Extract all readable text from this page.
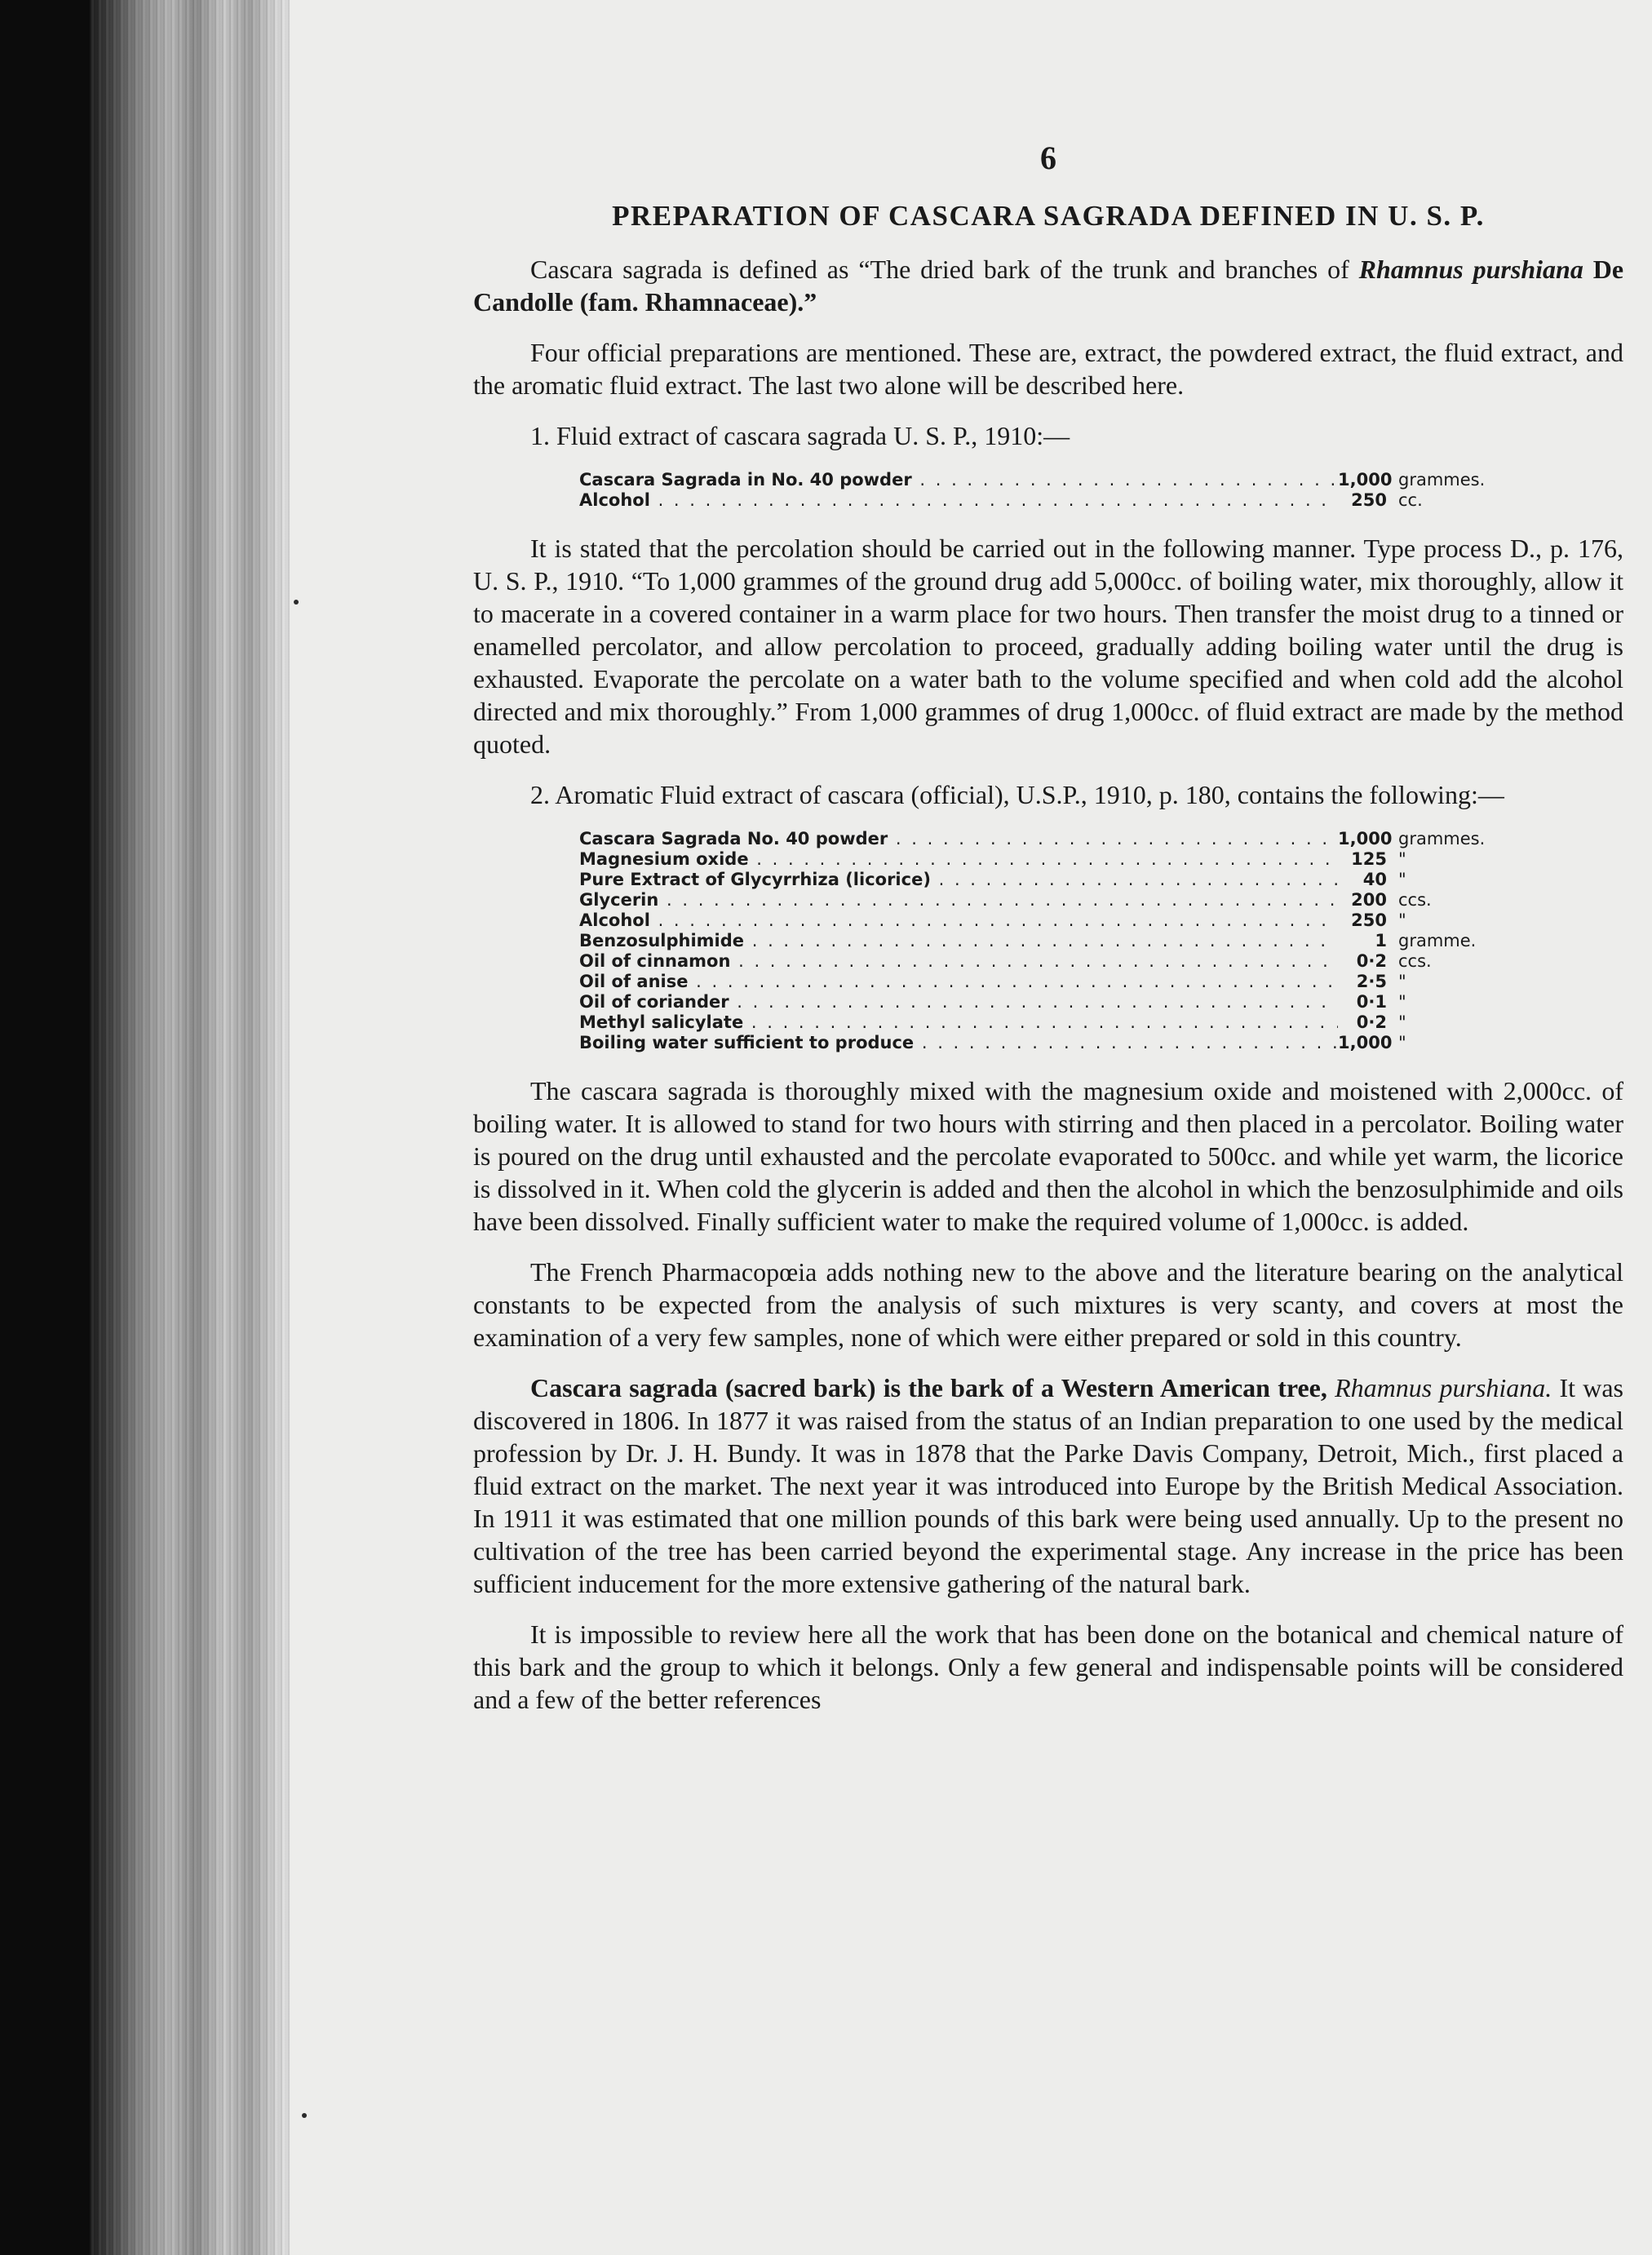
6
PREPARATION OF CASCARA SAGRADA DEFINED IN U. S. P.

Cascara sagrada is defined as “The dried bark of the trunk and branches of Rhamnus purshiana De Candolle (fam. Rhamnaceae).”

Four official preparations are mentioned. These are, extract, the powdered extract, the fluid extract, and the aromatic fluid extract. The last two alone will be described here.

1. Fluid extract of cascara sagrada U. S. P., 1910:—

Cascara Sagrada in No. 40 powder . . .	1,000 grammes.
Alcohol . . .	250 cc.

It is stated that the percolation should be carried out in the following manner. Type process D., p. 176, U. S. P., 1910. “To 1,000 grammes of the ground drug add 5,000cc. of boiling water, mix thoroughly, allow it to macerate in a covered container in a warm place for two hours. Then transfer the moist drug to a tinned or enamelled percolator, and allow percolation to proceed, gradually adding boiling water until the drug is exhausted. Evaporate the percolate on a water bath to the volume specified and when cold add the alcohol directed and mix thoroughly.” From 1,000 grammes of drug 1,000cc. of fluid extract are made by the method quoted.

2. Aromatic Fluid extract of cascara (official), U.S.P., 1910, p. 180, contains the following:—

Cascara Sagrada No. 40 powder . . .	1,000 grammes.
Magnesium oxide . . .	125 "
Pure Extract of Glycyrrhiza (licorice) . . .	40 "
Glycerin . . .	200 ccs.
Alcohol . . .	250 "
Benzosulphimide . . .	1 gramme.
Oil of cinnamon . . .	0·2 ccs.
Oil of anise . . .	2·5 "
Oil of coriander . . .	0·1 "
Methyl salicylate . . .	0·2 "
Boiling water sufficient to produce . . .	1,000 "

The cascara sagrada is thoroughly mixed with the magnesium oxide and moistened with 2,000cc. of boiling water. It is allowed to stand for two hours with stirring and then placed in a percolator. Boiling water is poured on the drug until exhausted and the percolate evaporated to 500cc. and while yet warm, the licorice is dissolved in it. When cold the glycerin is added and then the alcohol in which the benzosulphimide and oils have been dissolved. Finally sufficient water to make the required volume of 1,000cc. is added.

The French Pharmacopœia adds nothing new to the above and the literature bearing on the analytical constants to be expected from the analysis of such mixtures is very scanty, and covers at most the examination of a very few samples, none of which were either prepared or sold in this country.

Cascara sagrada (sacred bark) is the bark of a Western American tree, Rhamnus purshiana. It was discovered in 1806. In 1877 it was raised from the status of an Indian preparation to one used by the medical profession by Dr. J. H. Bundy. It was in 1878 that the Parke Davis Company, Detroit, Mich., first placed a fluid extract on the market. The next year it was introduced into Europe by the British Medical Association. In 1911 it was estimated that one million pounds of this bark were being used annually. Up to the present no cultivation of the tree has been carried beyond the experimental stage. Any increase in the price has been sufficient inducement for the more extensive gathering of the natural bark.

It is impossible to review here all the work that has been done on the botanical and chemical nature of this bark and the group to which it belongs. Only a few general and indispensable points will be considered and a few of the better references
